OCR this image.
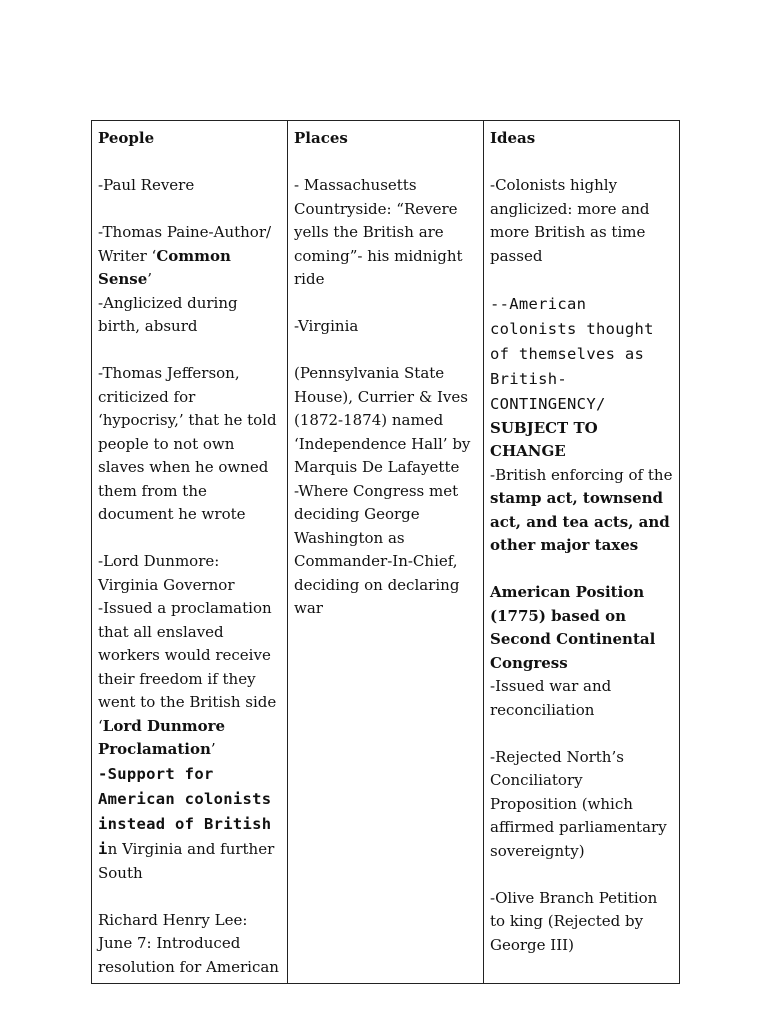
People
-Paul Revere
-Thomas Paine-Author/ Writer ‘Common Sense’
-Anglicized during birth, absurd
-Thomas Jefferson, criticized for ‘hypocrisy,’ that he told people to not own slaves when he owned them from the document he wrote
-Lord Dunmore: Virginia Governor
-Issued a proclamation that all enslaved workers would receive their freedom if they went to the British side ‘Lord Dunmore Proclamation’
-Support for American colonists instead of British in Virginia and further South
Richard Henry Lee: June 7: Introduced resolution for American

Places
- Massachusetts Countryside: “Revere yells the British are coming”- his midnight ride
-Virginia
(Pennsylvania State House), Currier & Ives (1872-1874) named ‘Independence Hall’ by Marquis De Lafayette
-Where Congress met deciding George Washington as Commander-In-Chief, deciding on declaring war

Ideas
-Colonists highly anglicized: more and more British as time passed
--American colonists thought of themselves as British- CONTINGENCY/
SUBJECT TO CHANGE
-British enforcing of the stamp act, townsend act, and tea acts, and other major taxes
American Position (1775) based on Second Continental Congress
-Issued war and reconciliation
-Rejected North’s Conciliatory Proposition (which affirmed parliamentary sovereignty)
-Olive Branch Petition to king (Rejected by George III)
